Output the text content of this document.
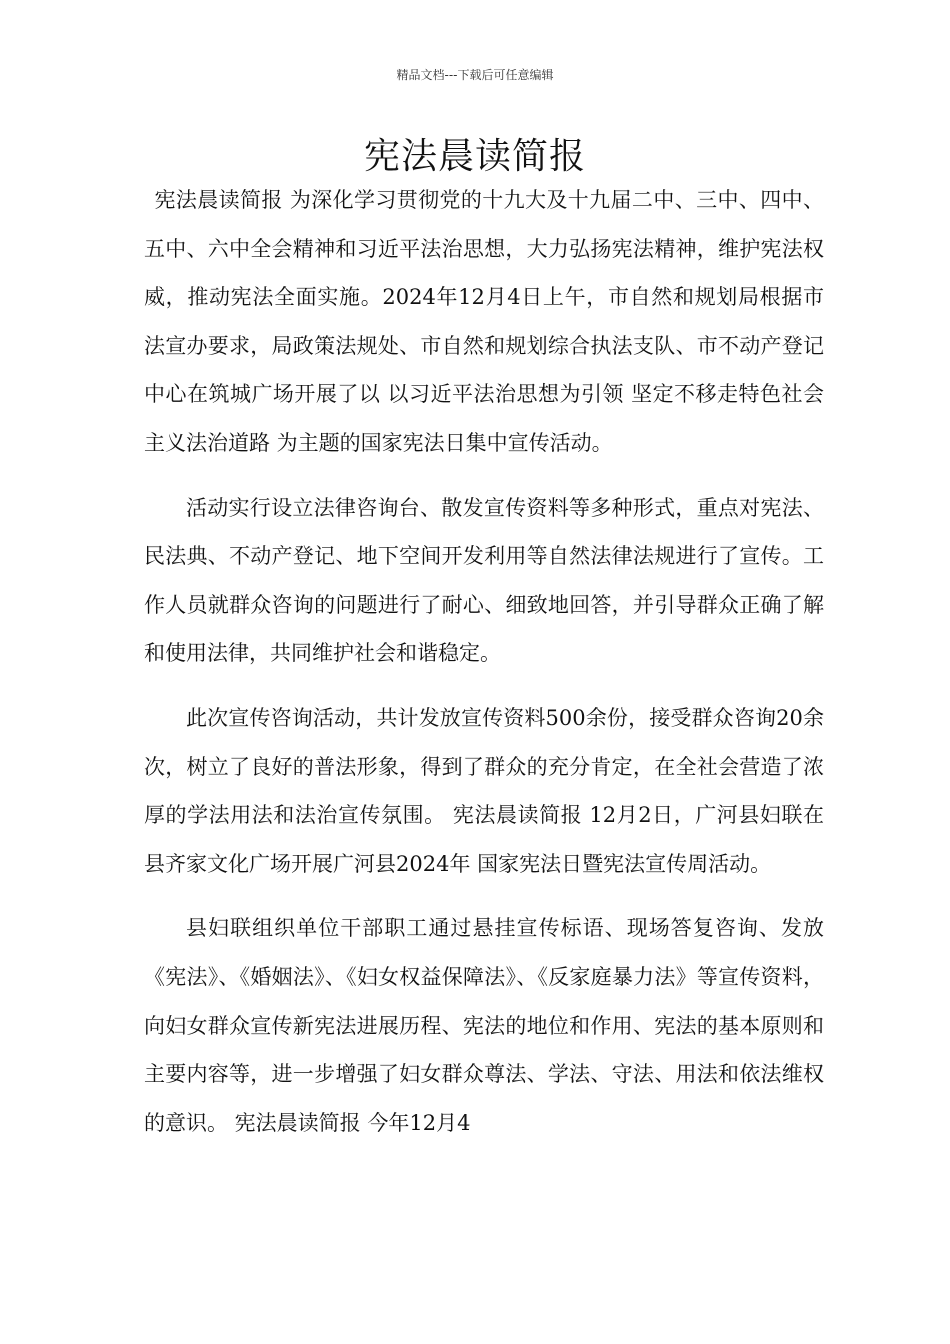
精品文档---下载后可任意编辑
宪法晨读简报

宪法晨读简报 为深化学习贯彻党的十九大及十九届二中、三中、四中、五中、六中全会精神和习近平法治思想，大力弘扬宪法精神，维护宪法权威，推动宪法全面实施。2024年12月4日上午，市自然和规划局根据市法宣办要求，局政策法规处、市自然和规划综合执法支队、市不动产登记中心在筑城广场开展了以 以习近平法治思想为引领 坚定不移走特色社会主义法治道路 为主题的国家宪法日集中宣传活动。

活动实行设立法律咨询台、散发宣传资料等多种形式，重点对宪法、民法典、不动产登记、地下空间开发利用等自然法律法规进行了宣传。工作人员就群众咨询的问题进行了耐心、细致地回答，并引导群众正确了解和使用法律，共同维护社会和谐稳定。

此次宣传咨询活动，共计发放宣传资料500余份，接受群众咨询20余次，树立了良好的普法形象，得到了群众的充分肯定，在全社会营造了浓厚的学法用法和法治宣传氛围。 宪法晨读简报 12月2日，广河县妇联在县齐家文化广场开展广河县2024年 国家宪法日暨宪法宣传周活动。

县妇联组织单位干部职工通过悬挂宣传标语、现场答复咨询、发放《宪法》、《婚姻法》、《妇女权益保障法》、《反家庭暴力法》等宣传资料，向妇女群众宣传新宪法进展历程、宪法的地位和作用、宪法的基本原则和主要内容等，进一步增强了妇女群众尊法、学法、守法、用法和依法维权的意识。 宪法晨读简报 今年12月4
